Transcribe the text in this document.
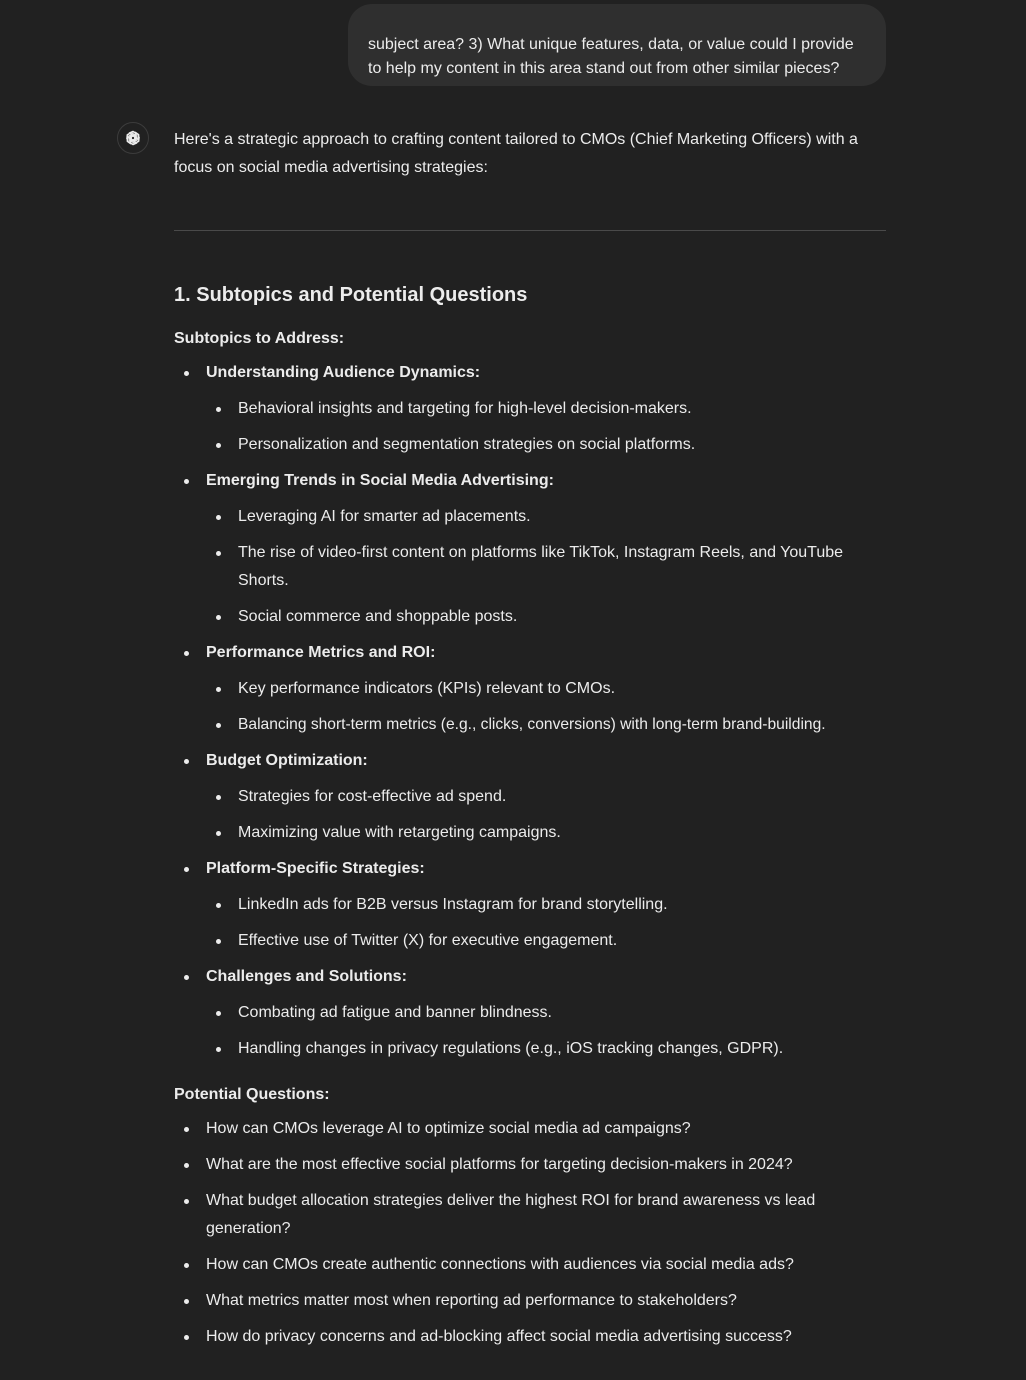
subject area? 3) What unique features, data, or value could I provide
to help my content in this area stand out from other similar pieces?

Here's a strategic approach to crafting content tailored to CMOs (Chief Marketing Officers) with a
focus on social media advertising strategies:

1. Subtopics and Potential Questions
Subtopics to Address:
Understanding Audience Dynamics:
Behavioral insights and targeting for high-level decision-makers.
Personalization and segmentation strategies on social platforms.
Emerging Trends in Social Media Advertising:
Leveraging AI for smarter ad placements.
The rise of video-first content on platforms like TikTok, Instagram Reels, and YouTube Shorts.
Social commerce and shoppable posts.
Performance Metrics and ROI:
Key performance indicators (KPIs) relevant to CMOs.
Balancing short-term metrics (e.g., clicks, conversions) with long-term brand-building.
Budget Optimization:
Strategies for cost-effective ad spend.
Maximizing value with retargeting campaigns.
Platform-Specific Strategies:
LinkedIn ads for B2B versus Instagram for brand storytelling.
Effective use of Twitter (X) for executive engagement.
Challenges and Solutions:
Combating ad fatigue and banner blindness.
Handling changes in privacy regulations (e.g., iOS tracking changes, GDPR).
Potential Questions:
How can CMOs leverage AI to optimize social media ad campaigns?
What are the most effective social platforms for targeting decision-makers in 2024?
What budget allocation strategies deliver the highest ROI for brand awareness vs lead generation?
How can CMOs create authentic connections with audiences via social media ads?
What metrics matter most when reporting ad performance to stakeholders?
How do privacy concerns and ad-blocking affect social media advertising success?
